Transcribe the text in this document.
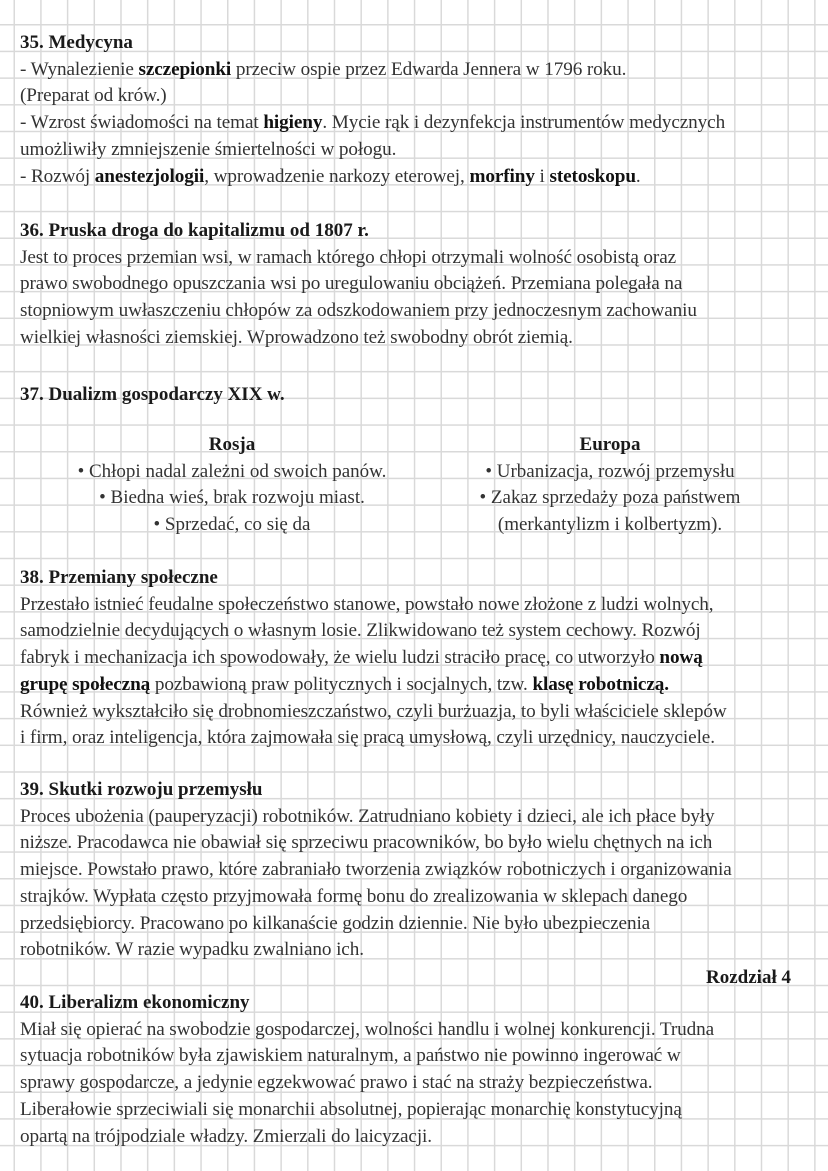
35. Medycyna
- Wynalezienie szczepionki przeciw ospie przez Edwarda Jennera w 1796 roku.
(Preparat od krów.)
- Wzrost świadomości na temat higieny. Mycie rąk i dezynfekcja instrumentów medycznych
umożliwiły zmniejszenie śmiertelności w połogu.
- Rozwój anestezjologii, wprowadzenie narkozy eterowej, morfiny i stetoskopu.
36. Pruska droga do kapitalizmu od 1807 r.
Jest to proces przemian wsi, w ramach którego chłopi otrzymali wolność osobistą oraz
prawo swobodnego opuszczania wsi po uregulowaniu obciążeń. Przemiana polegała na
stopniowym uwłaszczeniu chłopów za odszkodowaniem przy jednoczesnym zachowaniu
wielkiej własności ziemskiej. Wprowadzono też swobodny obrót ziemią.
37. Dualizm gospodarczy XIX w.
Rosja
• Chłopi nadal zależni od swoich panów.
• Biedna wieś, brak rozwoju miast.
• Sprzedać, co się da
Europa
• Urbanizacja, rozwój przemysłu
• Zakaz sprzedaży poza państwem
(merkantylizm i kolbertyzm).
38. Przemiany społeczne
Przestało istnieć feudalne społeczeństwo stanowe, powstało nowe złożone z ludzi wolnych,
samodzielnie decydujących o własnym losie. Zlikwidowano też system cechowy. Rozwój
fabryk i mechanizacja ich spowodowały, że wielu ludzi straciło pracę, co utworzyło nową
grupę społeczną pozbawioną praw politycznych i socjalnych, tzw. klasę robotniczą.
Również wykształciło się drobnomieszczaństwo, czyli burżuazja, to byli właściciele sklepów
i firm, oraz inteligencja, która zajmowała się pracą umysłową, czyli urzędnicy, nauczyciele.
39. Skutki rozwoju przemysłu
Proces ubożenia (pauperyzacji) robotników. Zatrudniano kobiety i dzieci, ale ich płace były
niższe. Pracodawca nie obawiał się sprzeciwu pracowników, bo było wielu chętnych na ich
miejsce. Powstało prawo, które zabraniało tworzenia związków robotniczych i organizowania
strajków. Wypłata często przyjmowała formę bonu do zrealizowania w sklepach danego
przedsiębiorcy. Pracowano po kilkanaście godzin dziennie. Nie było ubezpieczenia
robotników. W razie wypadku zwalniano ich.
40. Liberalizm ekonomiczny
Miał się opierać na swobodzie gospodarczej, wolności handlu i wolnej konkurencji. Trudna
sytuacja robotników była zjawiskiem naturalnym, a państwo nie powinno ingerować w
sprawy gospodarcze, a jedynie egzekwować prawo i stać na straży bezpieczeństwa.
Liberałowie sprzeciwiali się monarchii absolutnej, popierając monarchię konstytucyjną
opartą na trójpodziale władzy. Zmierzali do laicyzacji.
Rozdział 4
